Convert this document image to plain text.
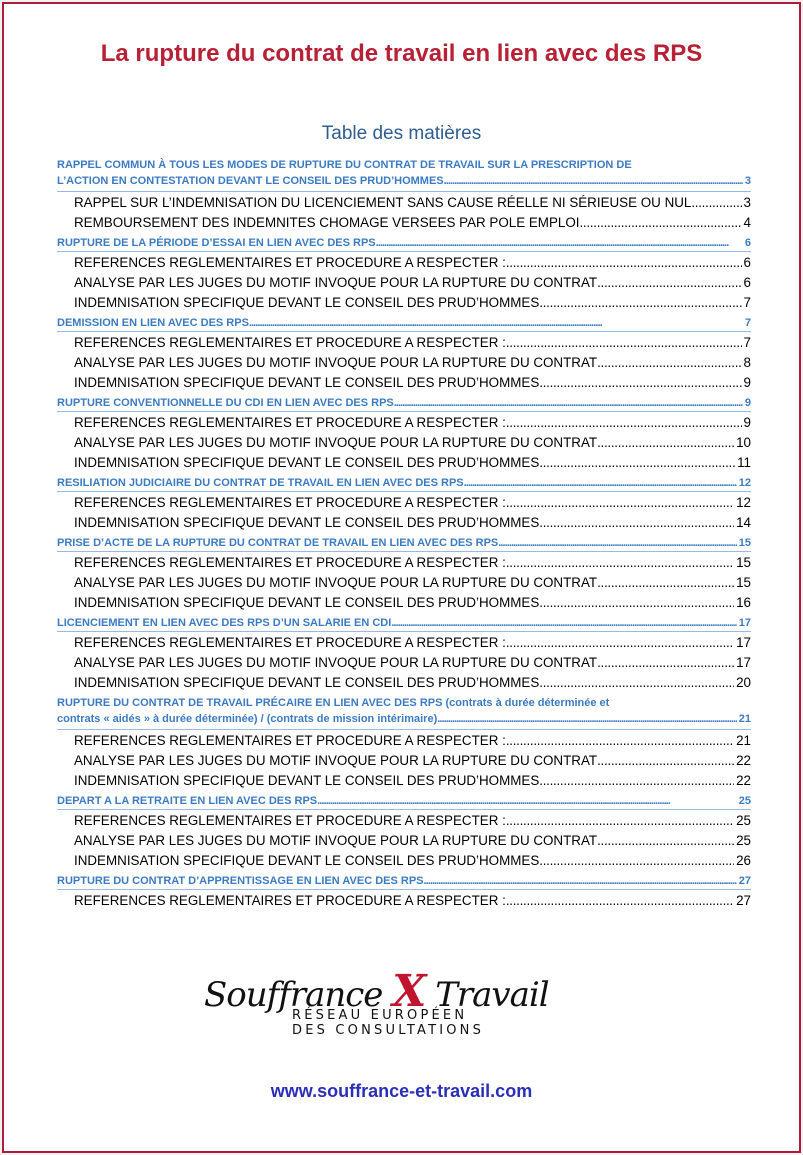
La rupture du contrat de travail en lien avec des RPS
Table des matières
RAPPEL COMMUN À TOUS LES MODES DE RUPTURE DU CONTRAT DE TRAVAIL SUR LA PRESCRIPTION DE
L’ACTION EN CONTESTATION DEVANT LE CONSEIL DES PRUD’HOMMES . . .	3
RAPPEL SUR L’INDEMNISATION DU LICENCIEMENT SANS CAUSE RÉELLE NI SÉRIEUSE OU NUL . . .	3
REMBOURSEMENT DES INDEMNITES CHOMAGE VERSEES PAR POLE EMPLOI . . .	4
RUPTURE DE LA PÉRIODE D’ESSAI EN LIEN AVEC DES RPS . . .	6
REFERENCES REGLEMENTAIRES ET PROCEDURE A RESPECTER : . . .	6
ANALYSE PAR LES JUGES DU MOTIF INVOQUE POUR LA RUPTURE DU CONTRAT . . .	6
INDEMNISATION SPECIFIQUE DEVANT LE CONSEIL DES PRUD’HOMMES . . .	7
DEMISSION EN LIEN AVEC DES RPS . . .	7
REFERENCES REGLEMENTAIRES ET PROCEDURE A RESPECTER : . . .	7
ANALYSE PAR LES JUGES DU MOTIF INVOQUE POUR LA RUPTURE DU CONTRAT . . .	8
INDEMNISATION SPECIFIQUE DEVANT LE CONSEIL DES PRUD’HOMMES . . .	9
RUPTURE CONVENTIONNELLE DU CDI EN LIEN AVEC DES RPS . . .	9
REFERENCES REGLEMENTAIRES ET PROCEDURE A RESPECTER : . . .	9
ANALYSE PAR LES JUGES DU MOTIF INVOQUE POUR LA RUPTURE DU CONTRAT . . .	10
INDEMNISATION SPECIFIQUE DEVANT LE CONSEIL DES PRUD’HOMMES . . .	11
RESILIATION JUDICIAIRE DU CONTRAT DE TRAVAIL EN LIEN AVEC DES RPS . . .	12
REFERENCES REGLEMENTAIRES ET PROCEDURE A RESPECTER : . . .	12
INDEMNISATION SPECIFIQUE DEVANT LE CONSEIL DES PRUD’HOMMES . . .	14
PRISE D’ACTE DE LA RUPTURE DU CONTRAT DE TRAVAIL EN LIEN AVEC DES RPS . . .	15
REFERENCES REGLEMENTAIRES ET PROCEDURE A RESPECTER : . . .	15
ANALYSE PAR LES JUGES DU MOTIF INVOQUE POUR LA RUPTURE DU CONTRAT . . .	15
INDEMNISATION SPECIFIQUE DEVANT LE CONSEIL DES PRUD’HOMMES . . .	16
LICENCIEMENT EN LIEN AVEC DES RPS D’UN SALARIE EN CDI . . .	17
REFERENCES REGLEMENTAIRES ET PROCEDURE A RESPECTER : . . .	17
ANALYSE PAR LES JUGES DU MOTIF INVOQUE POUR LA RUPTURE DU CONTRAT . . .	17
INDEMNISATION SPECIFIQUE DEVANT LE CONSEIL DES PRUD’HOMMES . . .	20
RUPTURE DU CONTRAT DE TRAVAIL PRÉCAIRE EN LIEN AVEC DES RPS (contrats à durée déterminée et
contrats « aidés » à durée déterminée) / (contrats de mission intérimaire) . . .	21
REFERENCES REGLEMENTAIRES ET PROCEDURE A RESPECTER : . . .	21
ANALYSE PAR LES JUGES DU MOTIF INVOQUE POUR LA RUPTURE DU CONTRAT . . .	22
INDEMNISATION SPECIFIQUE DEVANT LE CONSEIL DES PRUD’HOMMES . . .	22
DEPART A LA RETRAITE EN LIEN AVEC DES RPS . . .	25
REFERENCES REGLEMENTAIRES ET PROCEDURE A RESPECTER : . . .	25
ANALYSE PAR LES JUGES DU MOTIF INVOQUE POUR LA RUPTURE DU CONTRAT . . .	25
INDEMNISATION SPECIFIQUE DEVANT LE CONSEIL DES PRUD’HOMMES . . .	26
RUPTURE DU CONTRAT D’APPRENTISSAGE EN LIEN AVEC DES RPS . . .	27
REFERENCES REGLEMENTAIRES ET PROCEDURE A RESPECTER : . . .	27
Souffrance X Travail
RÉSEAU EUROPÉEN
DES CONSULTATIONS
www.souffrance-et-travail.com
